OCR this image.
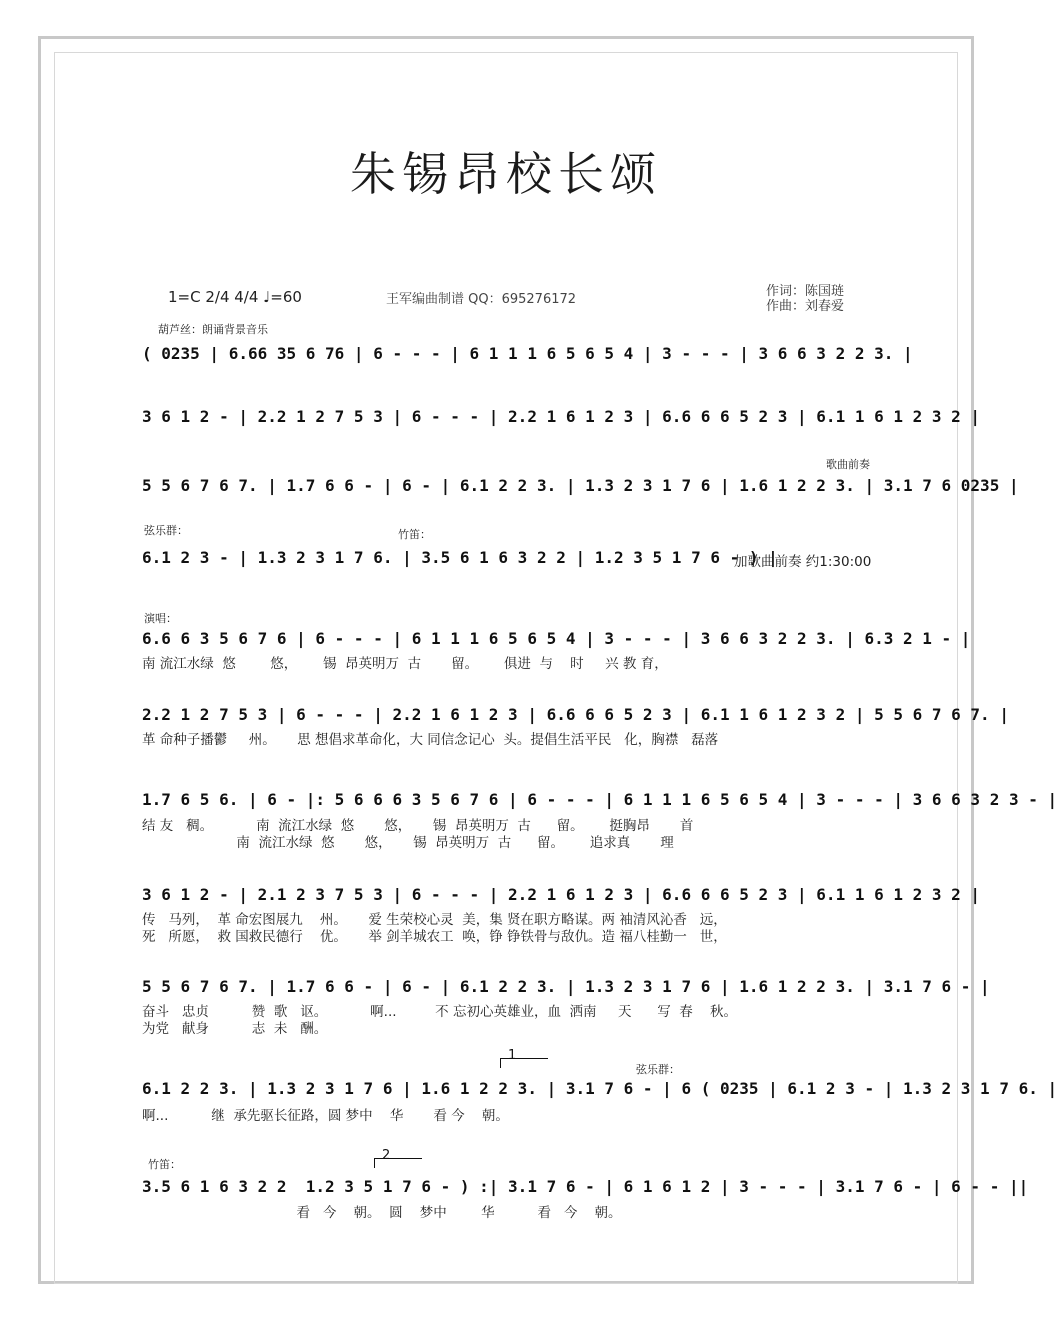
朱锡昂校长颂
1=C 2/4 4/4 ♩=60	王军编曲制谱 QQ：695276172
作词：陈国琏
作曲：刘春爱
葫芦丝：朗诵背景音乐
( 0235 | 6.66 35 6 76 | 6 - - - | 6 1 1 1 6 5 6 5 4 | 3 - - - | 3 6 6 3 2 2 3. |
3 6 1 2 - | 2.2 1 2 7 5 3 | 6 - - - | 2.2 1 6 1 2 3 | 6.6 6 6 5 2 3 | 6.1 1 6 1 2 3 2 |
歌曲前奏
5 5 6 7 6 7. | 1.7 6 6 - | 6 - | 6.1 2 2 3. | 1.3 2 3 1 7 6 | 1.6 1 2 2 3. | 3.1 7 6 0235 |
弦乐群：	竹笛：
6.1 2 3 - | 1.3 2 3 1 7 6. | 3.5 6 1 6 3 2 2 | 1.2 3 5 1 7 6 - ) |
加歌曲前奏 约1:30:00
演唱：
6.6 6 3 5 6 7 6 | 6 - - - | 6 1 1 1 6 5 6 5 4 | 3 - - - | 3 6 6 3 2 2 3. | 6.3 2 1 - |
南 流江水绿  悠        悠，      锡  昂英明万  古       留。      俱进  与    时     兴 教 育，
2.2 1 2 7 5 3 | 6 - - - | 2.2 1 6 1 2 3 | 6.6 6 6 5 2 3 | 6.1 1 6 1 2 3 2 | 5 5 6 7 6 7. |
革 命种子播鬱     州。     思 想倡求革命化，大 同信念记心  头。提倡生活平民   化，胸襟   磊落
1.7 6 5 6. | 6 - |: 5 6 6 6 3 5 6 7 6 | 6 - - - | 6 1 1 1 6 5 6 5 4 | 3 - - - | 3 6 6 3 2 3 - |
结 友   稠。          南  流江水绿  悠       悠，     锡  昂英明万  古      留。      挺胸昂       首
南  流江水绿  悠       悠，     锡  昂英明万  古      留。      追求真       理
3 6 1 2 - | 2.1 2 3 7 5 3 | 6 - - - | 2.2 1 6 1 2 3 | 6.6 6 6 5 2 3 | 6.1 1 6 1 2 3 2 |
传   马列，  革 命宏图展九    州。     爱 生荣校心灵  美，集 贤在职方略谋。两 袖清风沁香   远，
死   所愿，  救 国救民德行    优。     举 剑羊城农工  唤，铮 铮铁骨与敌仇。造 福八桂勤一   世，
5 5 6 7 6 7. | 1.7 6 6 - | 6 - | 6.1 2 2 3. | 1.3 2 3 1 7 6 | 1.6 1 2 2 3. | 3.1 7 6 - |
奋斗   忠贞          赞  歌   讴。          啊...         不 忘初心英雄业，血  洒南     天      写  春    秋。
为党   献身          志  未   酬。
1
弦乐群：
6.1 2 2 3. | 1.3 2 3 1 7 6 | 1.6 1 2 2 3. | 3.1 7 6 - | 6 ( 0235 | 6.1 2 3 - | 1.3 2 3 1 7 6. |
啊...          继  承先驱长征路，圆 梦中    华       看 今    朝。
竹笛：
2
3.5 6 1 6 3 2 2  1.2 3 5 1 7 6 - ) :| 3.1 7 6 - | 6 1 6 1 2 | 3 - - - | 3.1 7 6 - | 6 - - ||
看   今    朝。  圆    梦中        华          看   今    朝。
